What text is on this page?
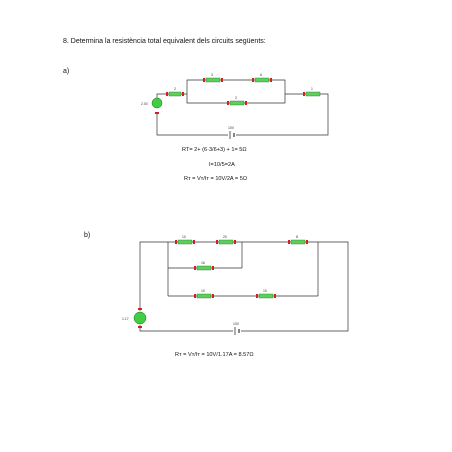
8. Determina la resistència total equivalent dels circuits següents:
a)
b)
2.00
2
3	6
2
1
10V
1.17
10	20	8
16
10	10
10V
RT= 2+ (6·3/6+3) + 1= 5Ω
I=10/5=2A
Rт = Vт/Iт = 10V/2A = 5Ω
Rт = Vт/Iт = 10V/1.17A = 8.57Ω
